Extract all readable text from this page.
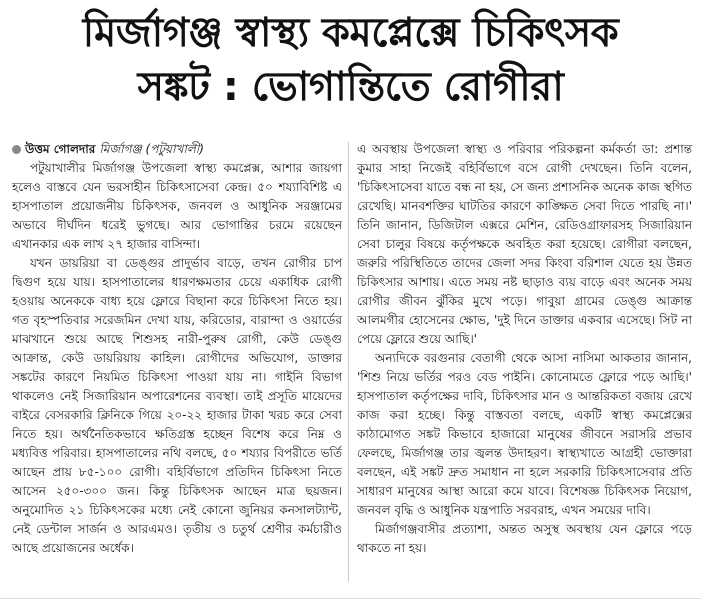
মির্জাগঞ্জ স্বাস্থ্য কমপ্লেক্সে চিকিৎসক
সঙ্কট : ভোগান্তিতে রোগীরা
উত্তম গোলদার মির্জাগঞ্জ (পটুয়াখালী)

পটুয়াখালীর মির্জাগঞ্জ উপজেলা স্বাস্থ্য কমপ্লেক্স, আশার জায়গা হলেও বাস্তবে যেন ভরসাহীন চিকিৎসাসেবা কেন্দ্র। ৫০ শয্যাবিশিষ্ট এ হাসপাতাল প্রয়োজনীয় চিকিৎসক, জনবল ও আধুনিক সরঞ্জামের অভাবে দীর্ঘদিন ধরেই ভুগছে। আর ভোগান্তির চরমে রয়েছেন এখানকার এক লাখ ২৭ হাজার বাসিন্দা।

যখন ডায়রিয়া বা ডেঙ্গুর প্রাদুর্ভাব বাড়ে, তখন রোগীর চাপ দ্বিগুণ হয়ে যায়। হাসপাতালের ধারণক্ষমতার চেয়ে একাধিক রোগী হওয়ায় অনেককে বাধ্য হয়ে ফ্লোরে বিছানা করে চিকিৎসা নিতে হয়। গত বৃহস্পতিবার সরেজমিন দেখা যায়, করিডোর, বারান্দা ও ওয়ার্ডের মাঝখানে শুয়ে আছে শিশুসহ নারী-পুরুষ রোগী, কেউ ডেঙ্গু আক্রান্ত, কেউ ডায়রিয়ায় কাহিল। রোগীদের অভিযোগ, ডাক্তার সঙ্কটের কারণে নিয়মিত চিকিৎসা পাওয়া যায় না। গাইনি বিভাগ থাকলেও নেই সিজারিয়ান অপারেশনের ব্যবস্থা। তাই প্রসূতি মায়েদের বাইরে বেসরকারি ক্লিনিকে গিয়ে ২০-২২ হাজার টাকা খরচ করে সেবা নিতে হয়। অর্থনৈতিকভাবে ক্ষতিগ্রস্ত হচ্ছেন বিশেষ করে নিম্ন ও মধ্যবিত্ত পরিবার। হাসপাতালের নথি বলছে, ৫০ শয্যার বিপরীতে ভর্তি আছেন প্রায় ৮৫-১০০ রোগী। বহির্বিভাগে প্রতিদিন চিকিৎসা নিতে আসেন ২৫০-৩০০ জন। কিন্তু চিকিৎসক আছেন মাত্র ছয়জন। অনুমোদিত ২১ চিকিৎসকের মধ্যে নেই কোনো জুনিয়র কনসালট্যান্ট, নেই ডেন্টাল সার্জন ও আরএমও। তৃতীয় ও চতুর্থ শ্রেণীর কর্মচারীও আছে প্রয়োজনের অর্ধেক।

এ অবস্থায় উপজেলা স্বাস্থ্য ও পরিবার পরিকল্পনা কর্মকর্তা ডা: প্রশান্ত কুমার সাহা নিজেই বহির্বিভাগে বসে রোগী দেখছেন। তিনি বলেন, 'চিকিৎসাসেবা যাতে বন্ধ না হয়, সে জন্য প্রশাসনিক অনেক কাজ স্থগিত রেখেছি। মানবশক্তির ঘাটতির কারণে কাঙ্ক্ষিত সেবা দিতে পারছি না।' তিনি জানান, ডিজিটাল এক্সরে মেশিন, রেডিওগ্রাফারসহ সিজারিয়ান সেবা চালুর বিষয়ে কর্তৃপক্ষকে অবহিত করা হয়েছে। রোগীরা বলছেন, জরুরি পরিস্থিতিতে তাদের জেলা সদর কিংবা বরিশাল যেতে হয় উন্নত চিকিৎসার আশায়। এতে সময় নষ্ট ছাড়াও ব্যয় বাড়ে এবং অনেক সময় রোগীর জীবন ঝুঁকির মুখে পড়ে। গাবুয়া গ্রামের ডেঙ্গু আক্রান্ত আলমগীর হোসেনের ক্ষোভ, 'দুই দিনে ডাক্তার একবার এসেছে। সিট না পেয়ে ফ্লোরে শুয়ে আছি।'

অন্যদিকে বরগুনার বেতাগী থেকে আসা নাসিমা আকতার জানান, 'শিশু নিয়ে ভর্তির পরও বেড পাইনি। কোনোমতে ফ্লোরে পড়ে আছি।' হাসপাতাল কর্তৃপক্ষের দাবি, চিকিৎসার মান ও আন্তরিকতা বজায় রেখে কাজ করা হচ্ছে। কিন্তু বাস্তবতা বলছে, একটি স্বাস্থ্য কমপ্লেক্সের কাঠামোগত সঙ্কট কিভাবে হাজারো মানুষের জীবনে সরাসরি প্রভাব ফেলছে, মির্জাগঞ্জ তার জ্বলন্ত উদাহরণ। স্বাস্থ্যখাতে আগ্রহী ভোক্তারা বলছেন, এই সঙ্কট দ্রুত সমাধান না হলে সরকারি চিকিৎসাসেবার প্রতি সাধারণ মানুষের আস্থা আরো কমে যাবে। বিশেষজ্ঞ চিকিৎসক নিয়োগ, জনবল বৃদ্ধি ও আধুনিক যন্ত্রপাতি সরবরাহ, এখন সময়ের দাবি।

মির্জাগঞ্জবাসীর প্রত্যাশা, অন্তত অসুস্থ অবস্থায় যেন ফ্লোরে পড়ে থাকতে না হয়।
